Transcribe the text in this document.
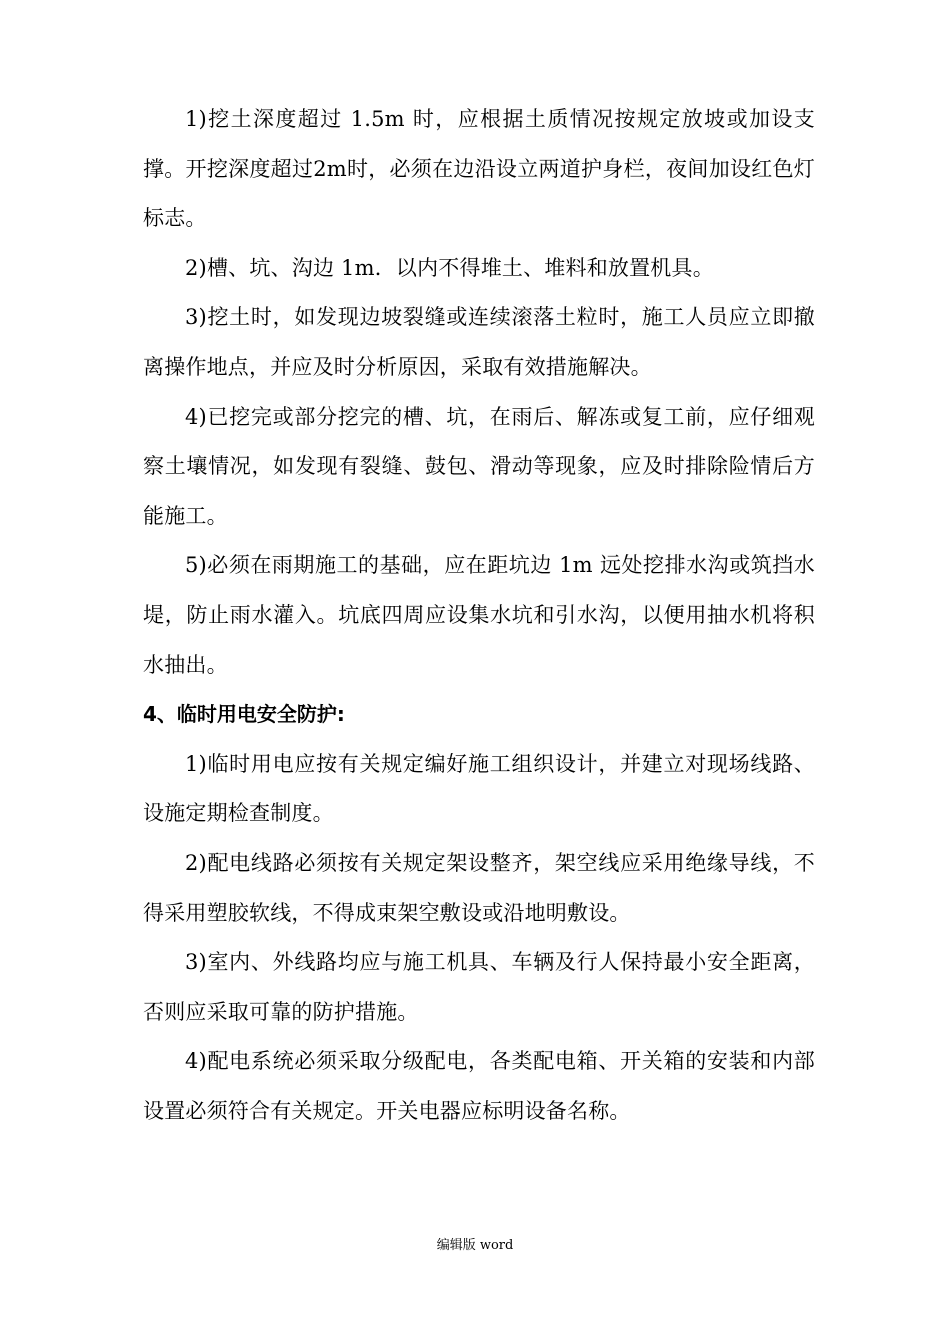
1)挖土深度超过 1.5m 时，应根据土质情况按规定放坡或加设支撑。开挖深度超过2m时，必须在边沿设立两道护身栏，夜间加设红色灯标志。

2)槽、坑、沟边 1m．以内不得堆土、堆料和放置机具。

3)挖土时，如发现边坡裂缝或连续滚落土粒时，施工人员应立即撤离操作地点，并应及时分析原因，采取有效措施解决。

4)已挖完或部分挖完的槽、坑，在雨后、解冻或复工前，应仔细观察土壤情况，如发现有裂缝、鼓包、滑动等现象，应及时排除险情后方能施工。

5)必须在雨期施工的基础，应在距坑边 1m 远处挖排水沟或筑挡水堤，防止雨水灌入。坑底四周应设集水坑和引水沟，以便用抽水机将积水抽出。

4、临时用电安全防护:

1)临时用电应按有关规定编好施工组织设计，并建立对现场线路、设施定期检查制度。

2)配电线路必须按有关规定架设整齐，架空线应采用绝缘导线，不得采用塑胶软线，不得成束架空敷设或沿地明敷设。

3)室内、外线路均应与施工机具、车辆及行人保持最小安全距离，否则应采取可靠的防护措施。

4)配电系统必须采取分级配电，各类配电箱、开关箱的安装和内部设置必须符合有关规定。开关电器应标明设备名称。

编辑版 word
